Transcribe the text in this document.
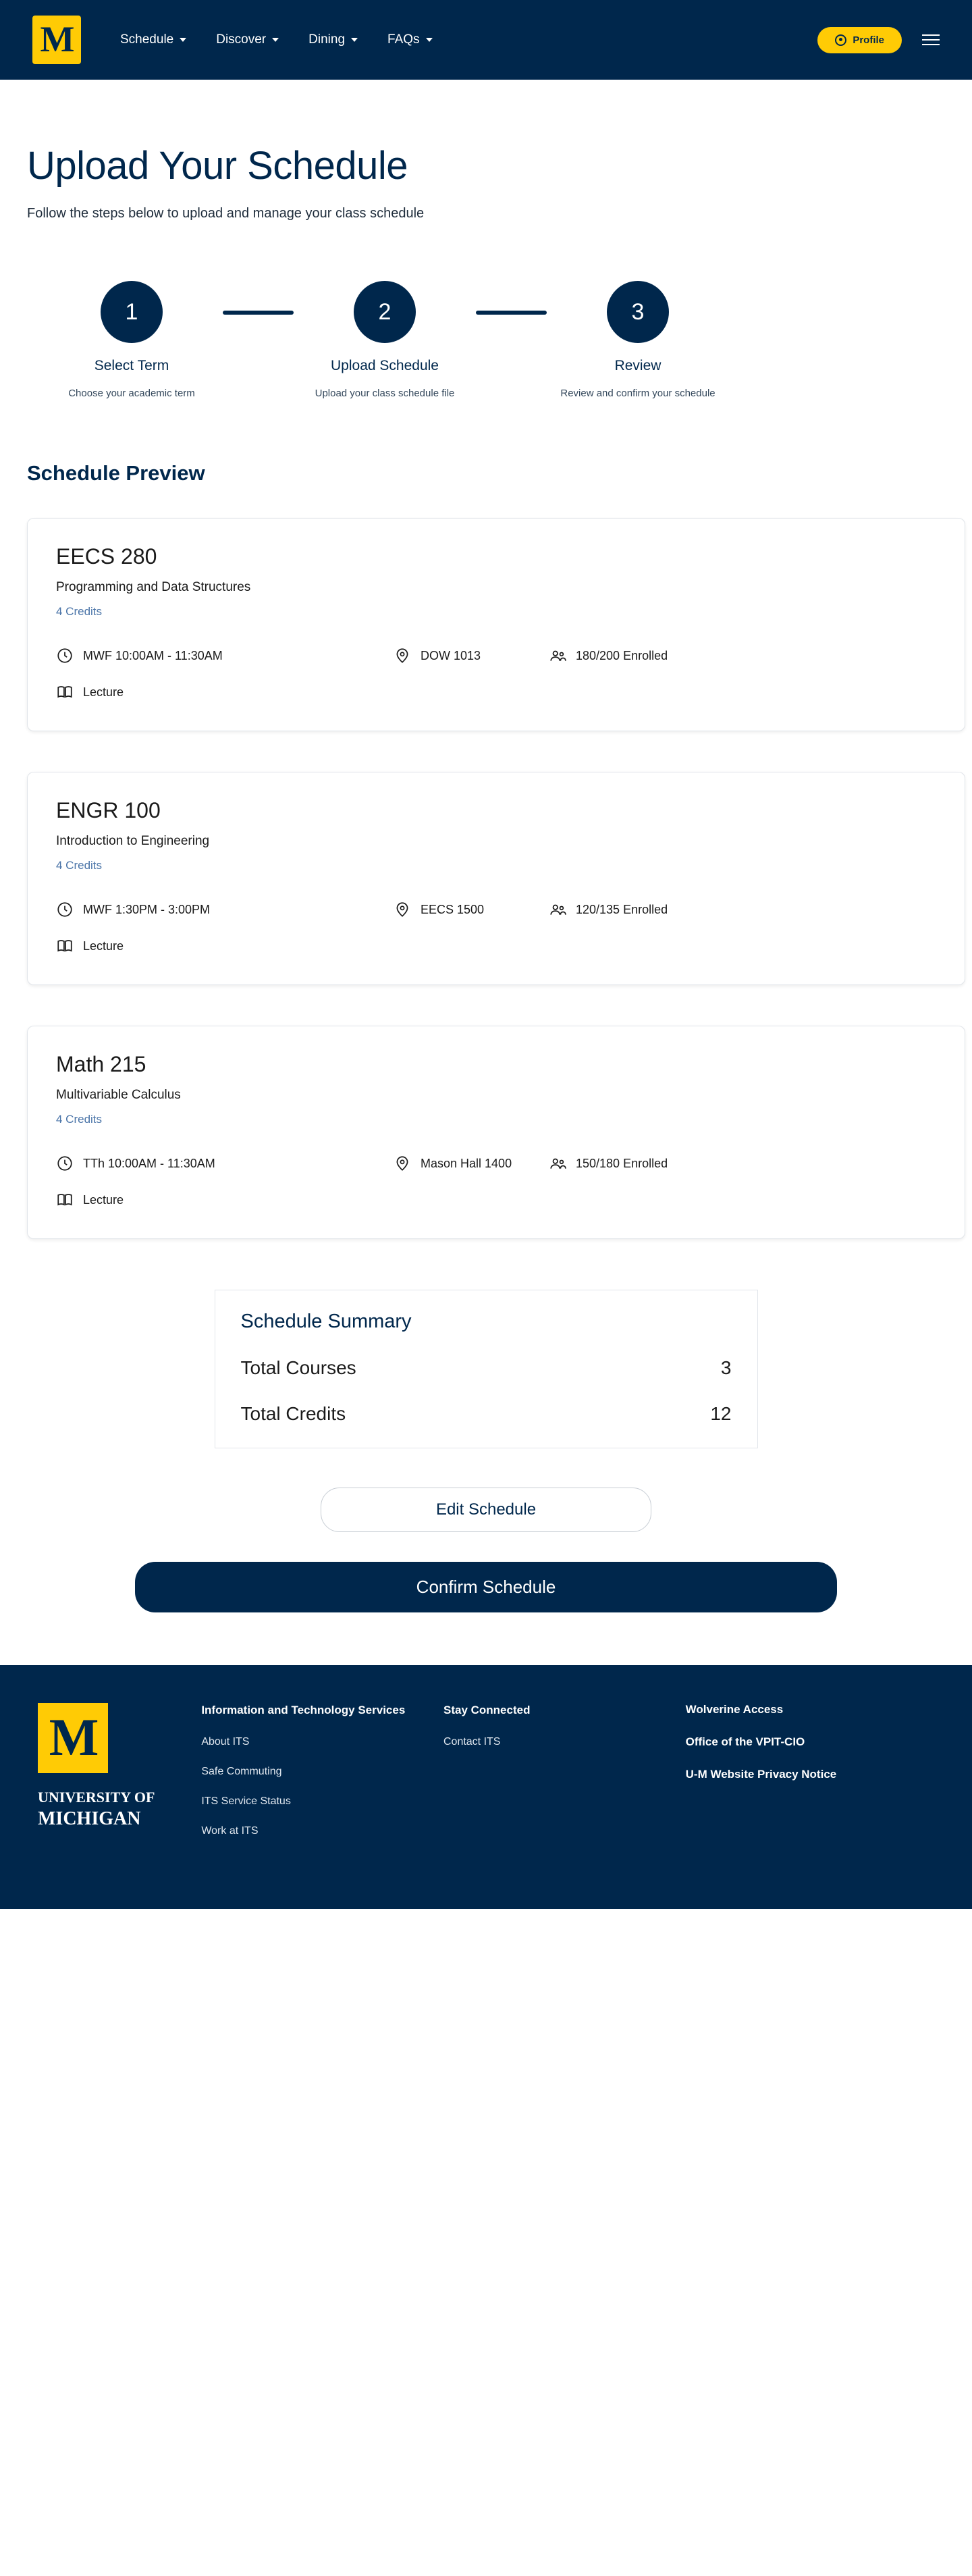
M	Schedule	Discover	Dining	FAQs	Profile
Upload Your Schedule

Follow the steps below to upload and manage your class schedule

1
Select Term
Choose your academic term
2
Upload Schedule
Upload your class schedule file
3
Review
Review and confirm your schedule
Schedule Preview
EECS 280
Programming and Data Structures
4 Credits
MWF 10:00AM - 11:30AM	DOW 1013	180/200 Enrolled
Lecture
ENGR 100
Introduction to Engineering
4 Credits
MWF 1:30PM - 3:00PM	EECS 1500	120/135 Enrolled
Lecture
Math 215
Multivariable Calculus
4 Credits
TTh 10:00AM - 11:30AM	Mason Hall 1400	150/180 Enrolled
Lecture
Schedule Summary
Total Courses	3
Total Credits	12
Edit Schedule
Confirm Schedule
M
UNIVERSITY OF
MICHIGAN
Information and Technology Services
About ITS
Safe Commuting
ITS Service Status
Work at ITS
Stay Connected
Contact ITS
Wolverine Access
Office of the VPIT-CIO
U-M Website Privacy Notice
